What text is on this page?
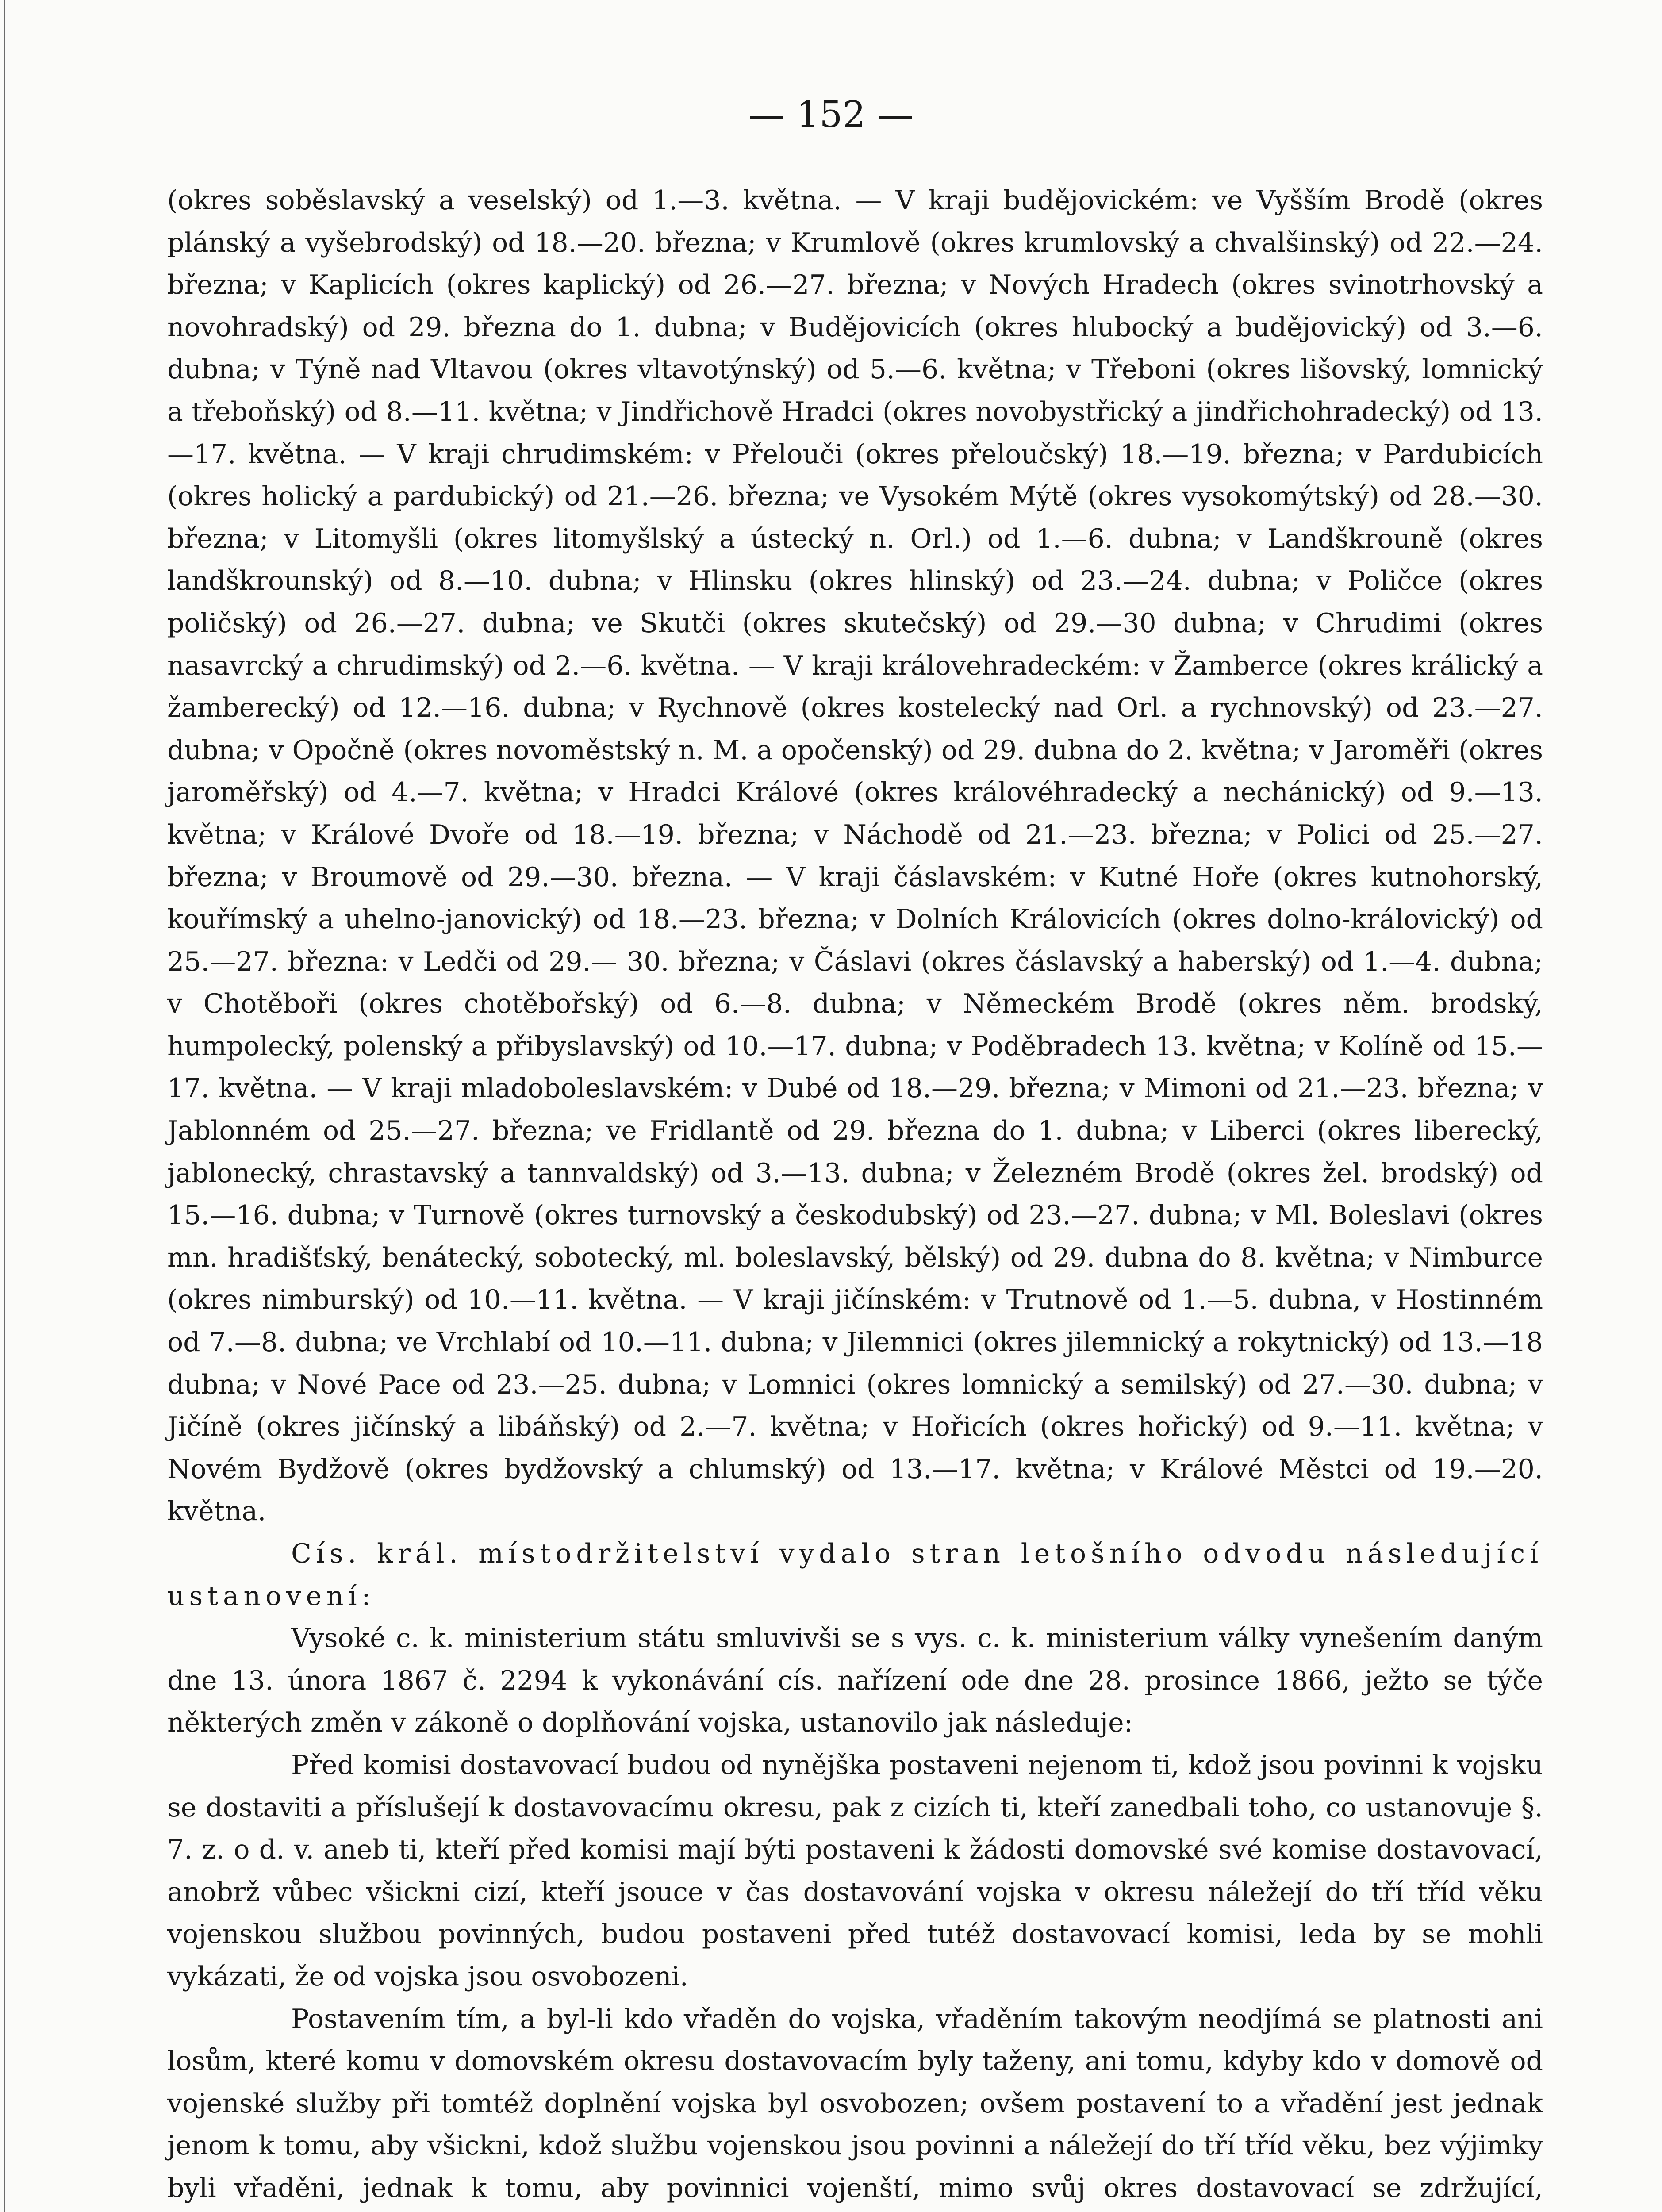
— 152 —

(okres soběslavský a veselský) od 1.—3. května. — V kraji budějovickém: ve Vyšším Brodě (okres plánský a vyšebrodský) od 18.—20. března; v Krumlově (okres krumlovský a chvalšinský) od 22.—24. března; v Kaplicích (okres kaplický) od 26.—27. března; v Nových Hradech (okres svinotrhovský a novohradský) od 29. března do 1. dubna; v Budějovicích (okres hlubocký a budějovický) od 3.—6. dubna; v Týně nad Vltavou (okres vltavotýnský) od 5.—6. května; v Třeboni (okres lišovský, lomnický a třeboňský) od 8.—11. května; v Jindřichově Hradci (okres novobystřický a jindřichohradecký) od 13.—17. května. — V kraji chrudimském: v Přelouči (okres přeloučský) 18.—19. března; v Pardubicích (okres holický a pardubický) od 21.—26. března; ve Vysokém Mýtě (okres vysokomýtský) od 28.—30. března; v Litomyšli (okres litomyšlský a ústecký n. Orl.) od 1.—6. dubna; v Landškrouně (okres landškrounský) od 8.—10. dubna; v Hlinsku (okres hlinský) od 23.—24. dubna; v Poličce (okres poličský) od 26.—27. dubna; ve Skutči (okres skutečský) od 29.—30 dubna; v Chrudimi (okres nasavrcký a chrudimský) od 2.—6. května. — V kraji královehradeckém: v Žamberce (okres králický a žamberecký) od 12.—16. dubna; v Rychnově (okres kostelecký nad Orl. a rychnovský) od 23.—27. dubna; v Opočně (okres novoměstský n. M. a opočenský) od 29. dubna do 2. května; v Jaroměři (okres jaroměřský) od 4.—7. května; v Hradci Králové (okres královéhradecký a nechánický) od 9.—13. května; v Králové Dvoře od 18.—19. března; v Náchodě od 21.—23. března; v Polici od 25.—27. března; v Broumově od 29.—30. března. — V kraji čáslavském: v Kutné Hoře (okres kutnohorský, kouřímský a uhelno-janovický) od 18.—23. března; v Dolních Královicích (okres dolno-královický) od 25.—27. března: v Ledči od 29.— 30. března; v Čáslavi (okres čáslavský a haberský) od 1.—4. dubna; v Chotěboři (okres chotěbořský) od 6.—8. dubna; v Německém Brodě (okres něm. brodský, humpolecký, polenský a přibyslavský) od 10.—17. dubna; v Poděbradech 13. května; v Kolíně od 15.—17. května. — V kraji mladoboleslavském: v Dubé od 18.—29. března; v Mimoni od 21.—23. března; v Jablonném od 25.—27. března; ve Fridlantě od 29. března do 1. dubna; v Liberci (okres liberecký, jablonecký, chrastavský a tannvaldský) od 3.—13. dubna; v Železném Brodě (okres žel. brodský) od 15.—16. dubna; v Turnově (okres turnovský a českodubský) od 23.—27. dubna; v Ml. Boleslavi (okres mn. hradišťský, benátecký, sobotecký, ml. boleslavský, bělský) od 29. dubna do 8. května; v Nimburce (okres nimburský) od 10.—11. května. — V kraji jičínském: v Trutnově od 1.—5. dubna, v Hostinném od 7.—8. dubna; ve Vrchlabí od 10.—11. dubna; v Jilemnici (okres jilemnický a rokytnický) od 13.—18 dubna; v Nové Pace od 23.—25. dubna; v Lomnici (okres lomnický a semilský) od 27.—30. dubna; v Jičíně (okres jičínský a libáňský) od 2.—7. května; v Hořicích (okres hořický) od 9.—11. května; v Novém Bydžově (okres bydžovský a chlumský) od 13.—17. května; v Králové Městci od 19.—20. května.

Cís. král. místodržitelství vydalo stran letošního odvodu následující ustanovení:

Vysoké c. k. ministerium státu smluvivši se s vys. c. k. ministerium války vynešením daným dne 13. února 1867 č. 2294 k vykonávání cís. nařízení ode dne 28. prosince 1866, ježto se týče některých změn v zákoně o doplňování vojska, ustanovilo jak následuje:

Před komisi dostavovací budou od nynějška postaveni nejenom ti, kdož jsou povinni k vojsku se dostaviti a příslušejí k dostavovacímu okresu, pak z cizích ti, kteří zanedbali toho, co ustanovuje §. 7. z. o d. v. aneb ti, kteří před komisi mají býti postaveni k žádosti domovské své komise dostavovací, anobrž vůbec všickni cizí, kteří jsouce v čas dostavování vojska v okresu náležejí do tří tříd věku vojenskou službou povinných, budou postaveni před tutéž dostavovací komisi, leda by se mohli vykázati, že od vojska jsou osvobozeni.

Postavením tím, a byl-li kdo vřaděn do vojska, vřaděním takovým neodjímá se platnosti ani losům, které komu v domovském okresu dostavovacím byly taženy, ani tomu, kdyby kdo v domově od vojenské služby při tomtéž doplnění vojska byl osvobozen; ovšem postavení to a vřadění jest jednak jenom k tomu, aby všickni, kdož službu vojenskou jsou povinni a náležejí do tří tříd věku, bez výjimky byli vřaděni, jednak k tomu, aby povinnici vojenští, mimo svůj okres dostavovací se zdržující,
